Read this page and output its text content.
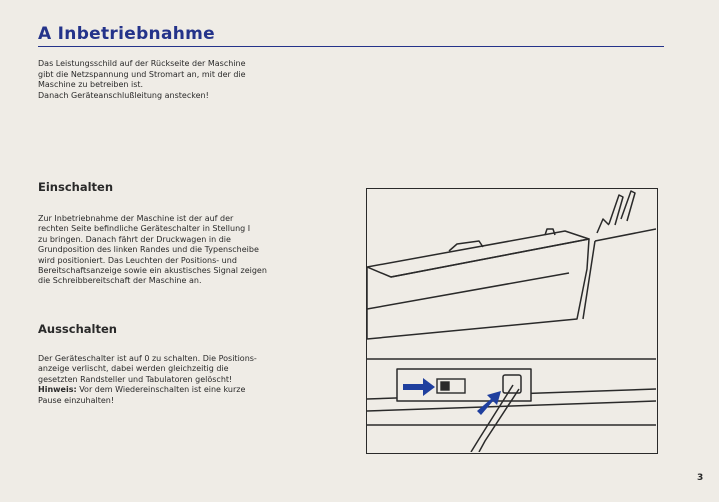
A Inbetriebnahme

Das Leistungsschild auf der Rückseite der Maschine

gibt die Netzspannung und Stromart an, mit der die

Maschine zu betreiben ist.

Danach Geräteanschlußleitung anstecken!

Einschalten

Zur Inbetriebnahme der Maschine ist der auf der

rechten Seite befindliche Geräteschalter in Stellung I

zu bringen. Danach fährt der Druckwagen in die

Grundposition des linken Randes und die Typenscheibe

wird positioniert. Das Leuchten der Positions- und

Bereitschaftsanzeige sowie ein akustisches Signal zeigen

die Schreibbereitschaft der Maschine an.

Ausschalten

Der Geräteschalter ist auf 0 zu schalten. Die Positions-

anzeige verlischt, dabei werden gleichzeitig die

gesetzten Randsteller und Tabulatoren gelöscht!

Hinweis: Vor dem Wiedereinschalten ist eine kurze

Pause einzuhalten!

3
